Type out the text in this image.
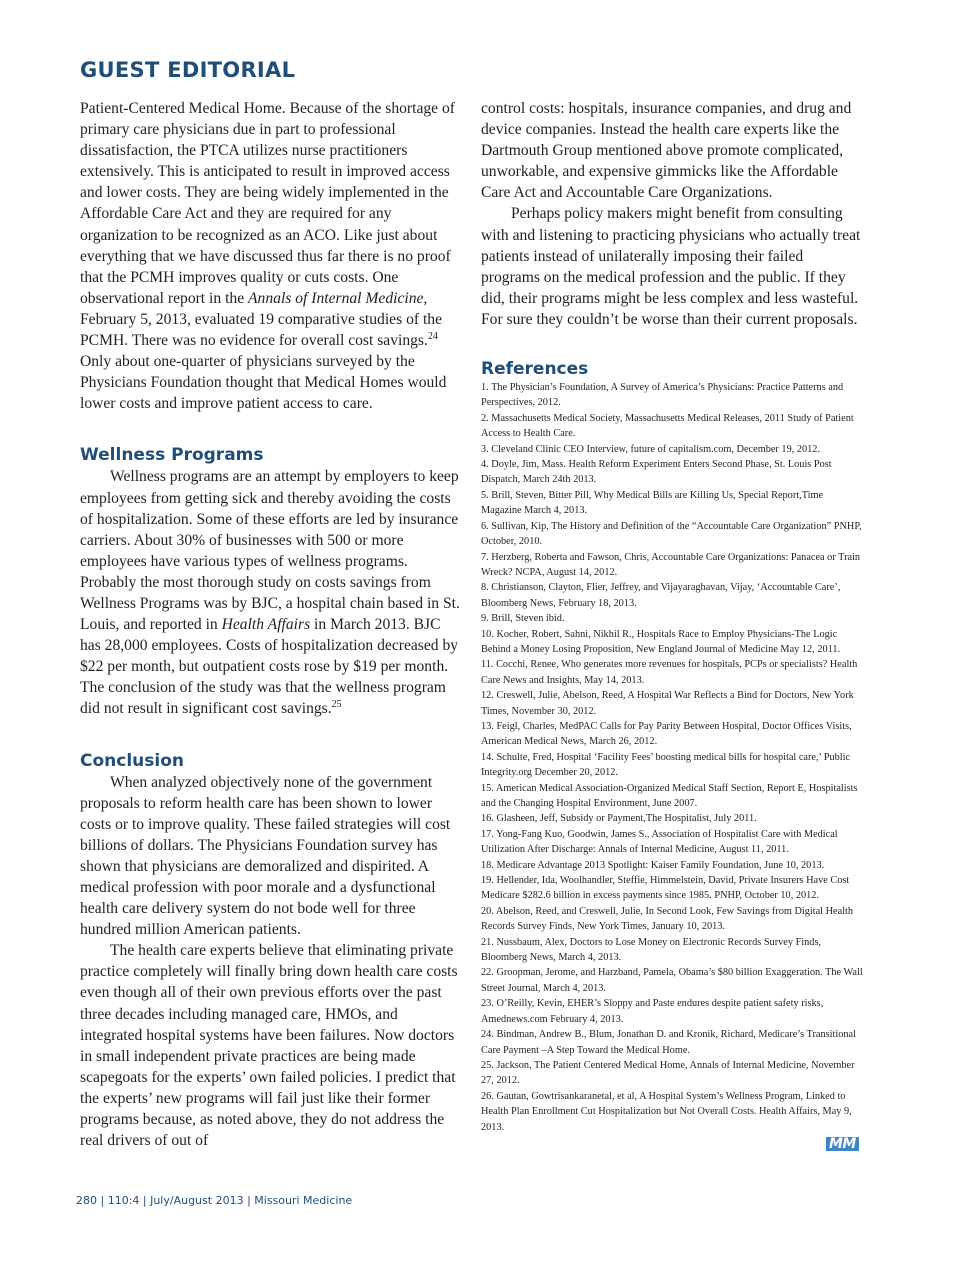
GUEST EDITORIAL

Patient-Centered Medical Home. Because of the shortage of primary care physicians due in part to professional dissatisfaction, the PTCA utilizes nurse practitioners extensively. This is anticipated to result in improved access and lower costs. They are being widely implemented in the Affordable Care Act and they are required for any organization to be recognized as an ACO. Like just about everything that we have discussed thus far there is no proof that the PCMH improves quality or cuts costs. One observational report in the Annals of Internal Medicine, February 5, 2013, evaluated 19 comparative studies of the PCMH. There was no evidence for overall cost savings.$^{24}$ Only about one-quarter of physicians surveyed by the Physicians Foundation thought that Medical Homes would lower costs and improve patient access to care.

Wellness Programs

Wellness programs are an attempt by employers to keep employees from getting sick and thereby avoiding the costs of hospitalization. Some of these efforts are led by insurance carriers. About 30% of businesses with 500 or more employees have various types of wellness programs. Probably the most thorough study on costs savings from Wellness Programs was by BJC, a hospital chain based in St. Louis, and reported in Health Affairs in March 2013. BJC has 28,000 employees. Costs of hospitalization decreased by $22 per month, but outpatient costs rose by $19 per month. The conclusion of the study was that the wellness program did not result in significant cost savings.$^{25}$

Conclusion

When analyzed objectively none of the government proposals to reform health care has been shown to lower costs or to improve quality. These failed strategies will cost billions of dollars. The Physicians Foundation survey has shown that physicians are demoralized and dispirited. A medical profession with poor morale and a dysfunctional health care delivery system do not bode well for three hundred million American patients.

The health care experts believe that eliminating private practice completely will finally bring down health care costs even though all of their own previous efforts over the past three decades including managed care, HMOs, and integrated hospital systems have been failures. Now doctors in small independent private practices are being made scapegoats for the experts’ own failed policies. I predict that the experts’ new programs will fail just like their former programs because, as noted above, they do not address the real drivers of out of

control costs: hospitals, insurance companies, and drug and device companies. Instead the health care experts like the Dartmouth Group mentioned above promote complicated, unworkable, and expensive gimmicks like the Affordable Care Act and Accountable Care Organizations.

Perhaps policy makers might benefit from consulting with and listening to practicing physicians who actually treat patients instead of unilaterally imposing their failed programs on the medical profession and the public. If they did, their programs might be less complex and less wasteful. For sure they couldn’t be worse than their current proposals.

References
1. The Physician’s Foundation, A Survey of America’s Physicians: Practice Patterns and Perspectives, 2012.
2. Massachusetts Medical Society, Massachusetts Medical Releases, 2011 Study of Patient Access to Health Care.
3. Cleveland Clinic CEO Interview, future of capitalism.com, December 19, 2012.
4. Doyle, Jim, Mass. Health Reform Experiment Enters Second Phase, St. Louis Post Dispatch, March 24th 2013.
5. Brill, Steven, Bitter Pill, Why Medical Bills are Killing Us, Special Report,Time Magazine March 4, 2013.
6. Sullivan, Kip, The History and Definition of the “Accountable Care Organization” PNHP, October, 2010.
7. Herzberg, Roberta and Fawson, Chris, Accountable Care Organizations: Panacea or Train Wreck? NCPA, August 14, 2012.
8. Christianson, Clayton, Flier, Jeffrey, and Vijayaraghavan, Vijay, ‘Accountable Care’, Bloomberg News, February 18, 2013.
9. Brill, Steven ibid.
10. Kocher, Robert, Sahni, Nikhil R., Hospitals Race to Employ Physicians-The Logic Behind a Money Losing Proposition, New England Journal of Medicine May 12, 2011.
11. Cocchi, Renee, Who generates more revenues for hospitals, PCPs or specialists? Health Care News and Insights, May 14, 2013.
12. Creswell, Julie, Abelson, Reed, A Hospital War Reflects a Bind for Doctors, New York Times, November 30, 2012.
13. Feigl, Charles, MedPAC Calls for Pay Parity Between Hospital, Doctor Offices Visits, American Medical News, March 26, 2012.
14. Schulte, Fred, Hospital ‘Facility Fees’ boosting medical bills for hospital care,’ Public Integrity.org December 20, 2012.
15. American Medical Association-Organized Medical Staff Section, Report E, Hospitalists and the Changing Hospital Environment, June 2007.
16. Glasheen, Jeff, Subsidy or Payment,The Hospitalist, July 2011.
17. Yong-Fang Kuo, Goodwin, James S., Association of Hospitalist Care with Medical Utilization After Discharge: Annals of Internal Medicine, August 11, 2011.
18. Medicare Advantage 2013 Spotlight: Kaiser Family Foundation, June 10, 2013.
19. Hellender, Ida, Woolhandler, Steffie, Himmelstein, David, Private Insurers Have Cost Medicare $282.6 billion in excess payments since 1985. PNHP, October 10, 2012.
20. Abelson, Reed, and Creswell, Julie, In Second Look, Few Savings from Digital Health Records Survey Finds, New York Times, January 10, 2013.
21. Nussbaum, Alex, Doctors to Lose Money on Electronic Records Survey Finds, Bloomberg News, March 4, 2013.
22. Groopman, Jerome, and Harzband, Pamela, Obama’s $80 billion Exaggeration. The Wall Street Journal, March 4, 2013.
23. O’Reilly, Kevin, EHER’s Sloppy and Paste endures despite patient safety risks, Amednews.com February 4, 2013.
24. Bindman, Andrew B., Blum, Jonathan D. and Kronik, Richard, Medicare’s Transitional Care Payment –A Step Toward the Medical Home.
25. Jackson, The Patient Centered Medical Home, Annals of Internal Medicine, November 27, 2012.
26. Gautan, Gowtrisankaranetal, et al, A Hospital System’s Wellness Program, Linked to Health Plan Enrollment Cut Hospitalization but Not Overall Costs. Health Affairs, May 9, 2013.
MM
280 | 110:4 | July/August 2013 | Missouri Medicine
